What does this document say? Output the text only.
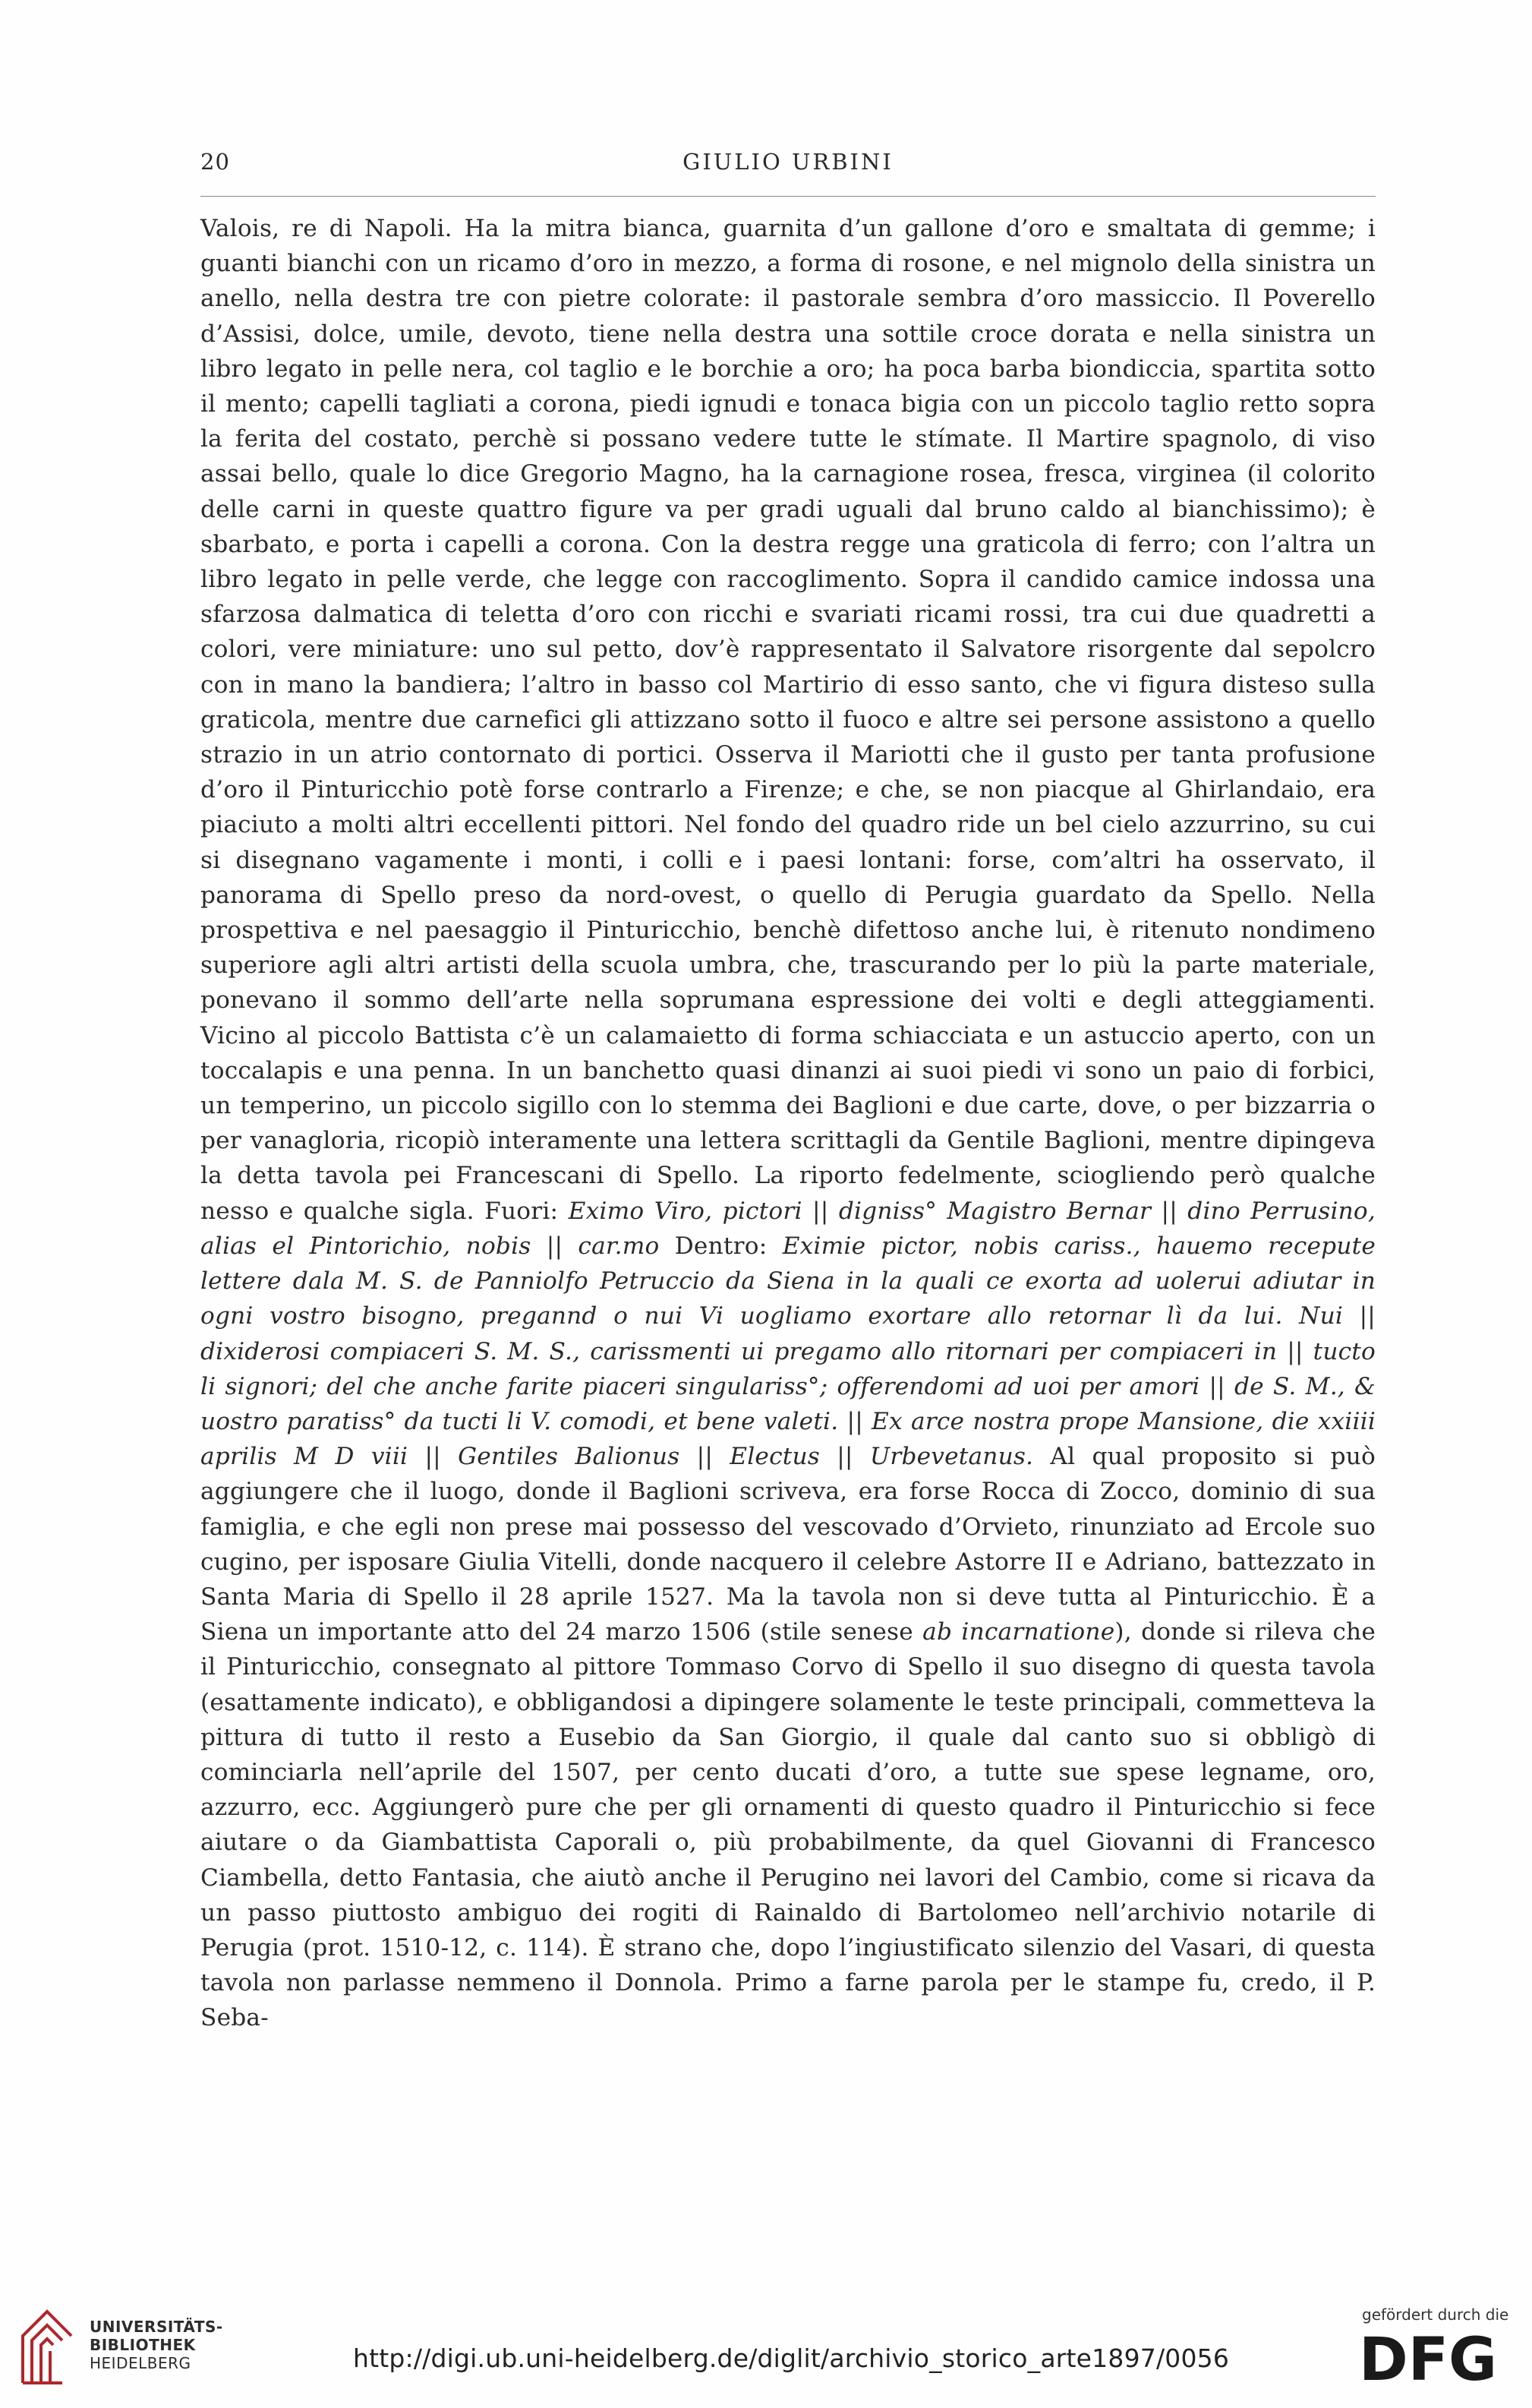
20	GIULIO URBINI

Valois, re di Napoli. Ha la mitra bianca, guarnita d’un gallone d’oro e smaltata di gemme; i guanti bianchi con un ricamo d’oro in mezzo, a forma di rosone, e nel mignolo della sinistra un anello, nella destra tre con pietre colorate: il pastorale sembra d’oro massiccio. Il Poverello d’Assisi, dolce, umile, devoto, tiene nella destra una sottile croce dorata e nella sinistra un libro legato in pelle nera, col taglio e le borchie a oro; ha poca barba biondiccia, spartita sotto il mento; capelli tagliati a corona, piedi ignudi e tonaca bigia con un piccolo taglio retto sopra la ferita del costato, perchè si possano vedere tutte le stímate. Il Martire spagnolo, di viso assai bello, quale lo dice Gregorio Magno, ha la carnagione rosea, fresca, virginea (il colorito delle carni in queste quattro figure va per gradi uguali dal bruno caldo al bianchissimo); è sbarbato, e porta i capelli a corona. Con la destra regge una graticola di ferro; con l’altra un libro legato in pelle verde, che legge con raccoglimento. Sopra il candido camice indossa una sfarzosa dalmatica di teletta d’oro con ricchi e svariati ricami rossi, tra cui due quadretti a colori, vere miniature: uno sul petto, dov’è rappresentato il Salvatore risorgente dal sepolcro con in mano la bandiera; l’altro in basso col Martirio di esso santo, che vi figura disteso sulla graticola, mentre due carnefici gli attizzano sotto il fuoco e altre sei persone assistono a quello strazio in un atrio contornato di portici. Osserva il Mariotti che il gusto per tanta profusione d’oro il Pinturicchio potè forse contrarlo a Firenze; e che, se non piacque al Ghirlandaio, era piaciuto a molti altri eccellenti pittori. Nel fondo del quadro ride un bel cielo azzurrino, su cui si disegnano vagamente i monti, i colli e i paesi lontani: forse, com’altri ha osservato, il panorama di Spello preso da nord-ovest, o quello di Perugia guardato da Spello. Nella prospettiva e nel paesaggio il Pinturicchio, benchè difettoso anche lui, è ritenuto nondimeno superiore agli altri artisti della scuola umbra, che, trascurando per lo più la parte materiale, ponevano il sommo dell’arte nella soprumana espressione dei volti e degli atteggiamenti. Vicino al piccolo Battista c’è un calamaietto di forma schiacciata e un astuccio aperto, con un toccalapis e una penna. In un banchetto quasi dinanzi ai suoi piedi vi sono un paio di forbici, un temperino, un piccolo sigillo con lo stemma dei Baglioni e due carte, dove, o per bizzarria o per vanagloria, ricopiò interamente una lettera scrittagli da Gentile Baglioni, mentre dipingeva la detta tavola pei Francescani di Spello. La riporto fedelmente, sciogliendo però qualche nesso e qualche sigla. Fuori: Eximo Viro, pictori || digniss° Magistro Bernar || dino Perrusino, alias el Pintorichio, nobis || car.mo Dentro: Eximie pictor, nobis cariss., hauemo recepute lettere dala M. S. de Panniolfo Petruccio da Siena in la quali ce exorta ad uolerui adiutar in ogni vostro bisogno, pregannd o nui Vi uogliamo exortare allo retornar lì da lui. Nui || dixiderosi compiaceri S. M. S., carissmenti ui pregamo allo ritornari per compiaceri in || tucto li signori; del che anche farite piaceri singulariss°; offerendomi ad uoi per amori || de S. M., & uostro paratiss° da tucti li V. comodi, et bene valeti. || Ex arce nostra prope Mansione, die xxiiii aprilis M D viii || Gentiles Balionus || Electus || Urbevetanus. Al qual proposito si può aggiungere che il luogo, donde il Baglioni scriveva, era forse Rocca di Zocco, dominio di sua famiglia, e che egli non prese mai possesso del vescovado d’Orvieto, rinunziato ad Ercole suo cugino, per isposare Giulia Vitelli, donde nacquero il celebre Astorre II e Adriano, battezzato in Santa Maria di Spello il 28 aprile 1527. Ma la tavola non si deve tutta al Pinturicchio. È a Siena un importante atto del 24 marzo 1506 (stile senese ab incarnatione), donde si rileva che il Pinturicchio, consegnato al pittore Tommaso Corvo di Spello il suo disegno di questa tavola (esattamente indicato), e obbligandosi a dipingere solamente le teste principali, commetteva la pittura di tutto il resto a Eusebio da San Giorgio, il quale dal canto suo si obbligò di cominciarla nell’aprile del 1507, per cento ducati d’oro, a tutte sue spese legname, oro, azzurro, ecc. Aggiungerò pure che per gli ornamenti di questo quadro il Pinturicchio si fece aiutare o da Giambattista Caporali o, più probabilmente, da quel Giovanni di Francesco Ciambella, detto Fantasia, che aiutò anche il Perugino nei lavori del Cambio, come si ricava da un passo piuttosto ambiguo dei rogiti di Rainaldo di Bartolomeo nell’archivio notarile di Perugia (prot. 1510-12, c. 114). È strano che, dopo l’ingiustificato silenzio del Vasari, di questa tavola non parlasse nemmeno il Donnola. Primo a farne parola per le stampe fu, credo, il P. Seba-

UNIVERSITÄTS-
BIBLIOTHEK
HEIDELBERG	http://digi.ub.uni-heidelberg.de/diglit/archivio_storico_arte1897/0056
gefördert durch die
DFG
